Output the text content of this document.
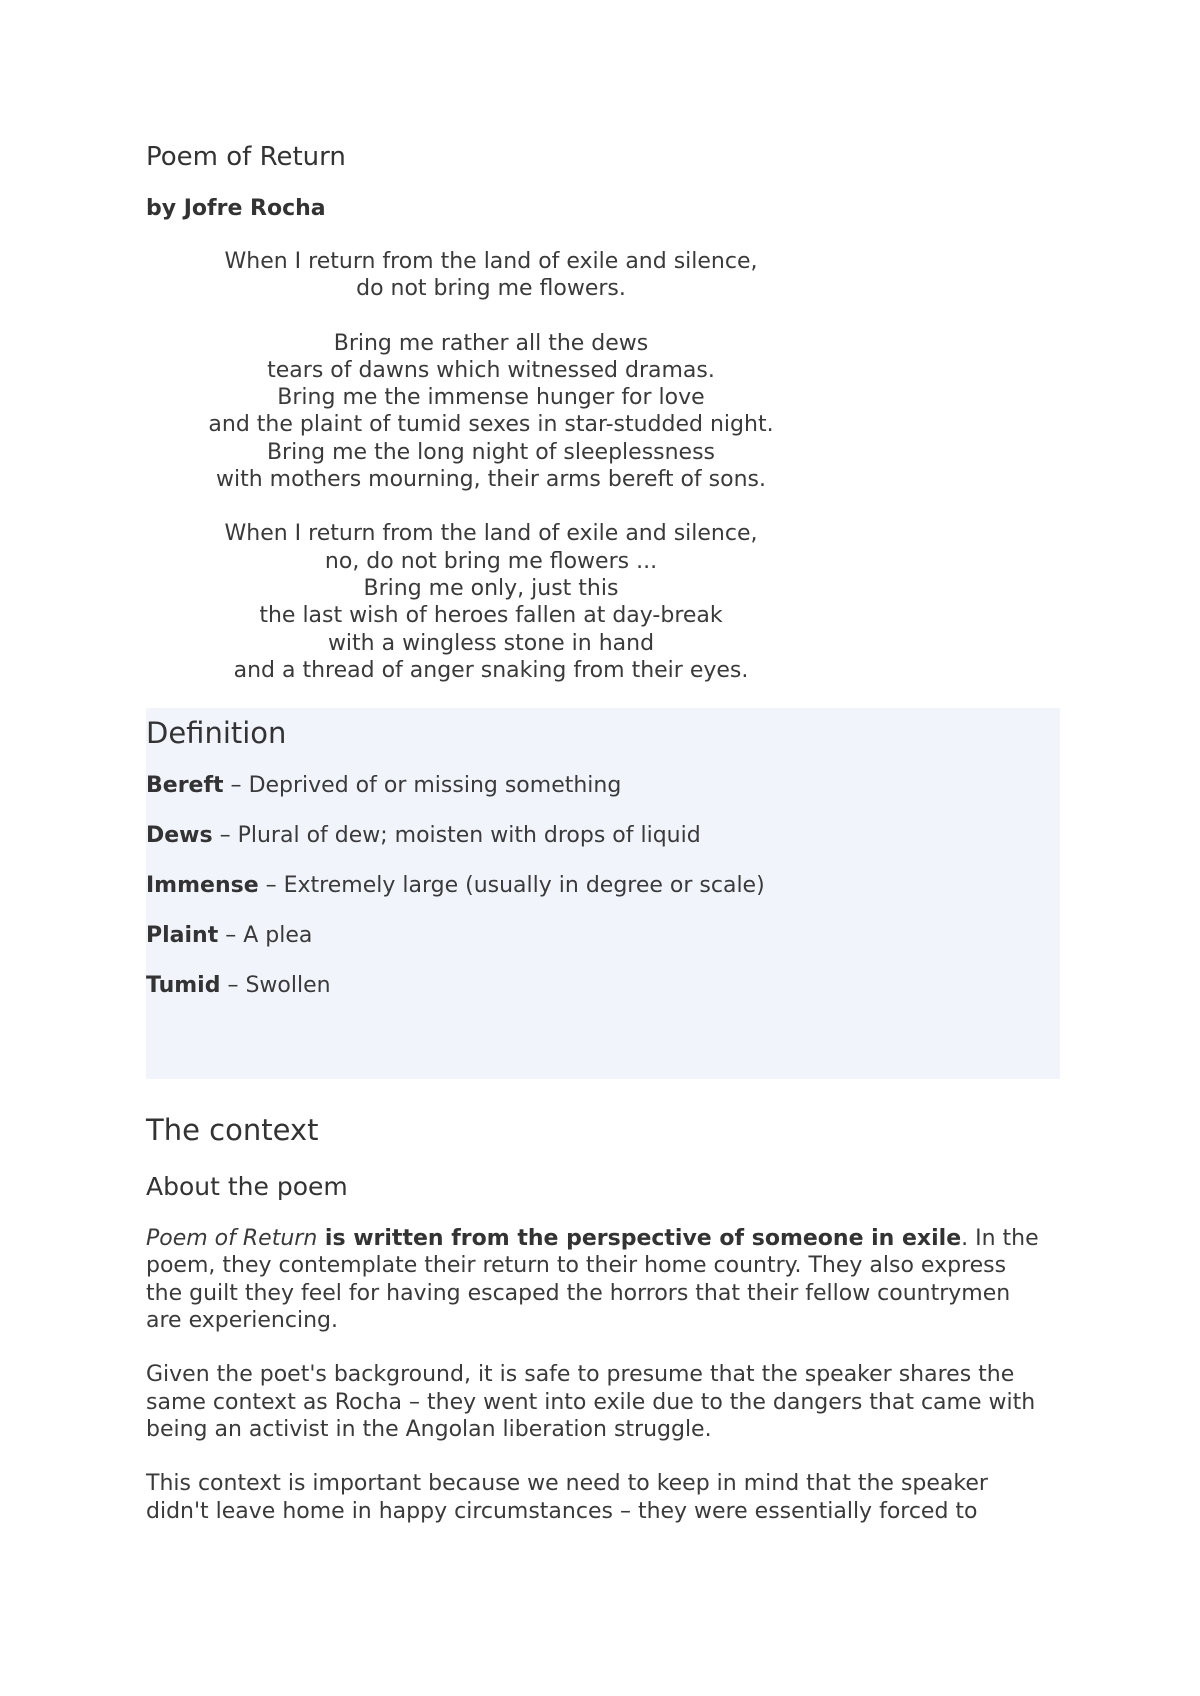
Poem of Return

by Jofre Rocha

When I return from the land of exile and silence,
do not bring me flowers.
Bring me rather all the dews
tears of dawns which witnessed dramas.
Bring me the immense hunger for love
and the plaint of tumid sexes in star-studded night.
Bring me the long night of sleeplessness
with mothers mourning, their arms bereft of sons.
When I return from the land of exile and silence,
no, do not bring me flowers ...
Bring me only, just this
the last wish of heroes fallen at day-break
with a wingless stone in hand
and a thread of anger snaking from their eyes.
Definition

Bereft – Deprived of or missing something

Dews – Plural of dew; moisten with drops of liquid

Immense – Extremely large (usually in degree or scale)

Plaint – A plea

Tumid – Swollen

The context
About the poem

Poem of Return is written from the perspective of someone in exile. In the poem, they contemplate their return to their home country. They also express the guilt they feel for having escaped the horrors that their fellow countrymen are experiencing.

Given the poet's background, it is safe to presume that the speaker shares the same context as Rocha – they went into exile due to the dangers that came with being an activist in the Angolan liberation struggle.

This context is important because we need to keep in mind that the speaker didn't leave home in happy circumstances – they were essentially forced to
